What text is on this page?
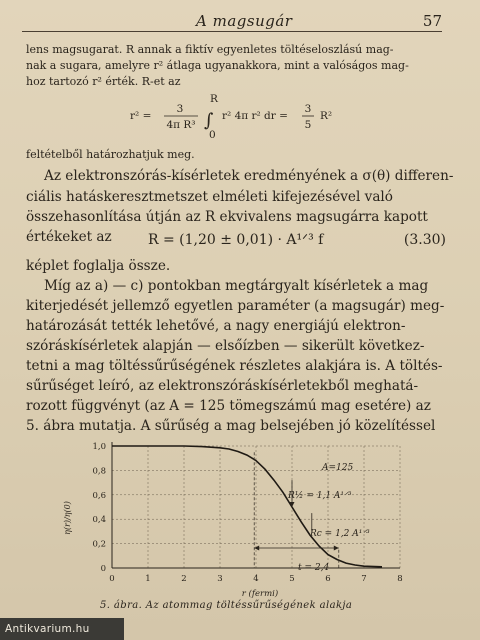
A magsugár	57
lens magsugarat. R annak a fiktív egyenletes töltéseloszlású mag-
nak a sugara, amelyre r² átlaga ugyanakkora, mint a valóságos mag-
hoz tartozó r² érték. R-et az
r² =
3
4π R³
R
∫
0
r² 4π r² dr =
3
5
R²
feltételből határozhatjuk meg.
Az elektronszórás-kísérletek eredményének a σ(θ) differen-
ciális hatáskeresztmetszet elméleti kifejezésével való
összehasonlítása útján az R ekvivalens magsugárra kapott
értékeket az	R = (1,20 ± 0,01) · A¹ᐟ³ f	(3.30)
képlet foglalja össze.
Míg az a) — c) pontokban megtárgyalt kísérletek a mag
kiterjedését jellemző egyetlen paraméter (a magsugár) meg-
határozását tették lehetővé, a nagy energiájú elektron-
szóráskísérletek alapján — elsőízben — sikerült következ-
tetni a mag töltéssűrűségének részletes alakjára is. A töltés-
sűrűséget leíró, az elektronszóráskísérletekből meghatá-
rozott függvényt (az A = 125 tömegszámú mag esetére) az
5. ábra mutatja. A sűrűség a mag belsejében jó közelítéssel
0	1	2	3	4	5	6	7	8
0
0,2
0,4
0,6
0,8
1,0
A=125
R½ = 1,1 A¹ᐟ³
Rc = 1,2 A¹ᐟ³
t = 2,4
η(r)/η(0)
r (fermi)
5. ábra. Az atommag töltéssűrűségének alakja
Antikvarium.hu
